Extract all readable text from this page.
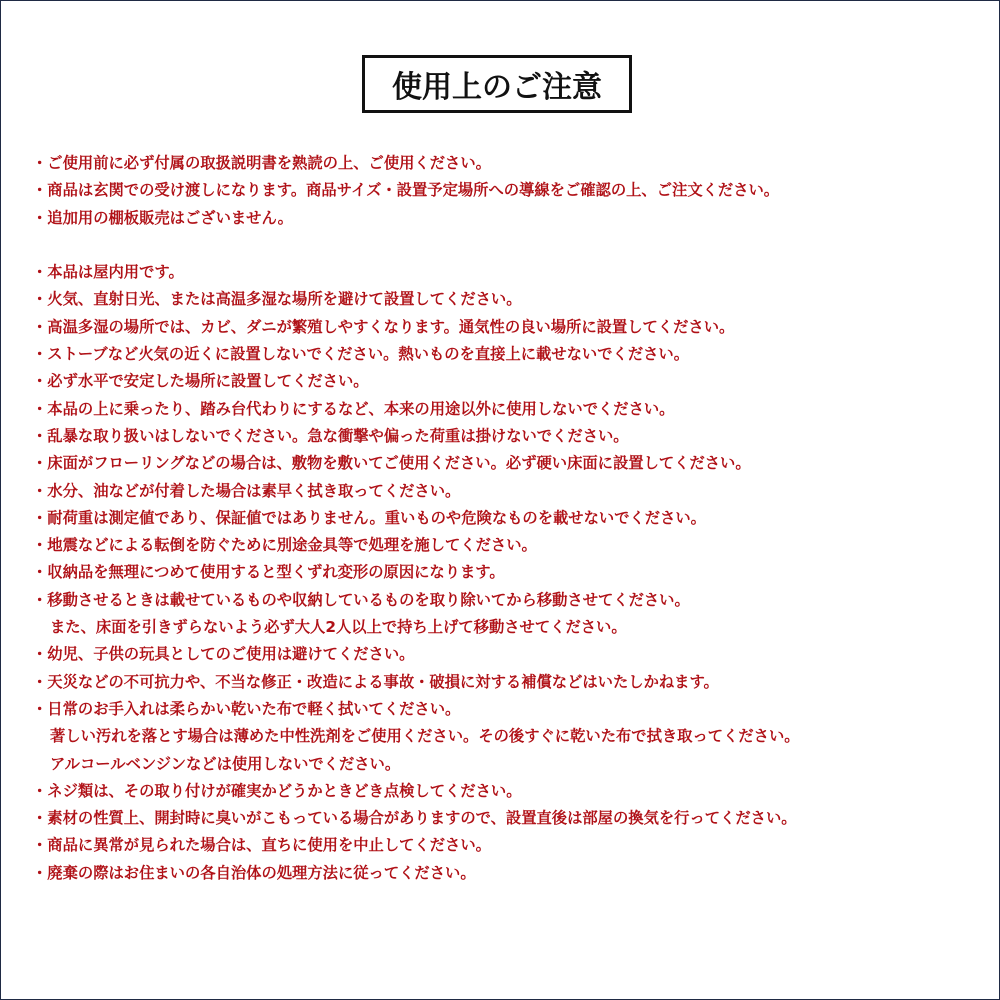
使用上のご注意
・ご使用前に必ず付属の取扱説明書を熟読の上、ご使用ください。
・商品は玄関での受け渡しになります。商品サイズ・設置予定場所への導線をご確認の上、ご注文ください。
・追加用の棚板販売はございません。
・本品は屋内用です。
・火気、直射日光、または高温多湿な場所を避けて設置してください。
・高温多湿の場所では、カビ、ダニが繁殖しやすくなります。通気性の良い場所に設置してください。
・ストーブなど火気の近くに設置しないでください。熱いものを直接上に載せないでください。
・必ず水平で安定した場所に設置してください。
・本品の上に乗ったり、踏み台代わりにするなど、本来の用途以外に使用しないでください。
・乱暴な取り扱いはしないでください。急な衝撃や偏った荷重は掛けないでください。
・床面がフローリングなどの場合は、敷物を敷いてご使用ください。必ず硬い床面に設置してください。
・水分、油などが付着した場合は素早く拭き取ってください。
・耐荷重は測定値であり、保証値ではありません。重いものや危険なものを載せないでください。
・地震などによる転倒を防ぐために別途金具等で処理を施してください。
・収納品を無理につめて使用すると型くずれ変形の原因になります。
・移動させるときは載せているものや収納しているものを取り除いてから移動させてください。
また、床面を引きずらないよう必ず大人2人以上で持ち上げて移動させてください。
・幼児、子供の玩具としてのご使用は避けてください。
・天災などの不可抗力や、不当な修正・改造による事故・破損に対する補償などはいたしかねます。
・日常のお手入れは柔らかい乾いた布で軽く拭いてください。
著しい汚れを落とす場合は薄めた中性洗剤をご使用ください。その後すぐに乾いた布で拭き取ってください。
アルコールベンジンなどは使用しないでください。
・ネジ類は、その取り付けが確実かどうかときどき点検してください。
・素材の性質上、開封時に臭いがこもっている場合がありますので、設置直後は部屋の換気を行ってください。
・商品に異常が見られた場合は、直ちに使用を中止してください。
・廃棄の際はお住まいの各自治体の処理方法に従ってください。
